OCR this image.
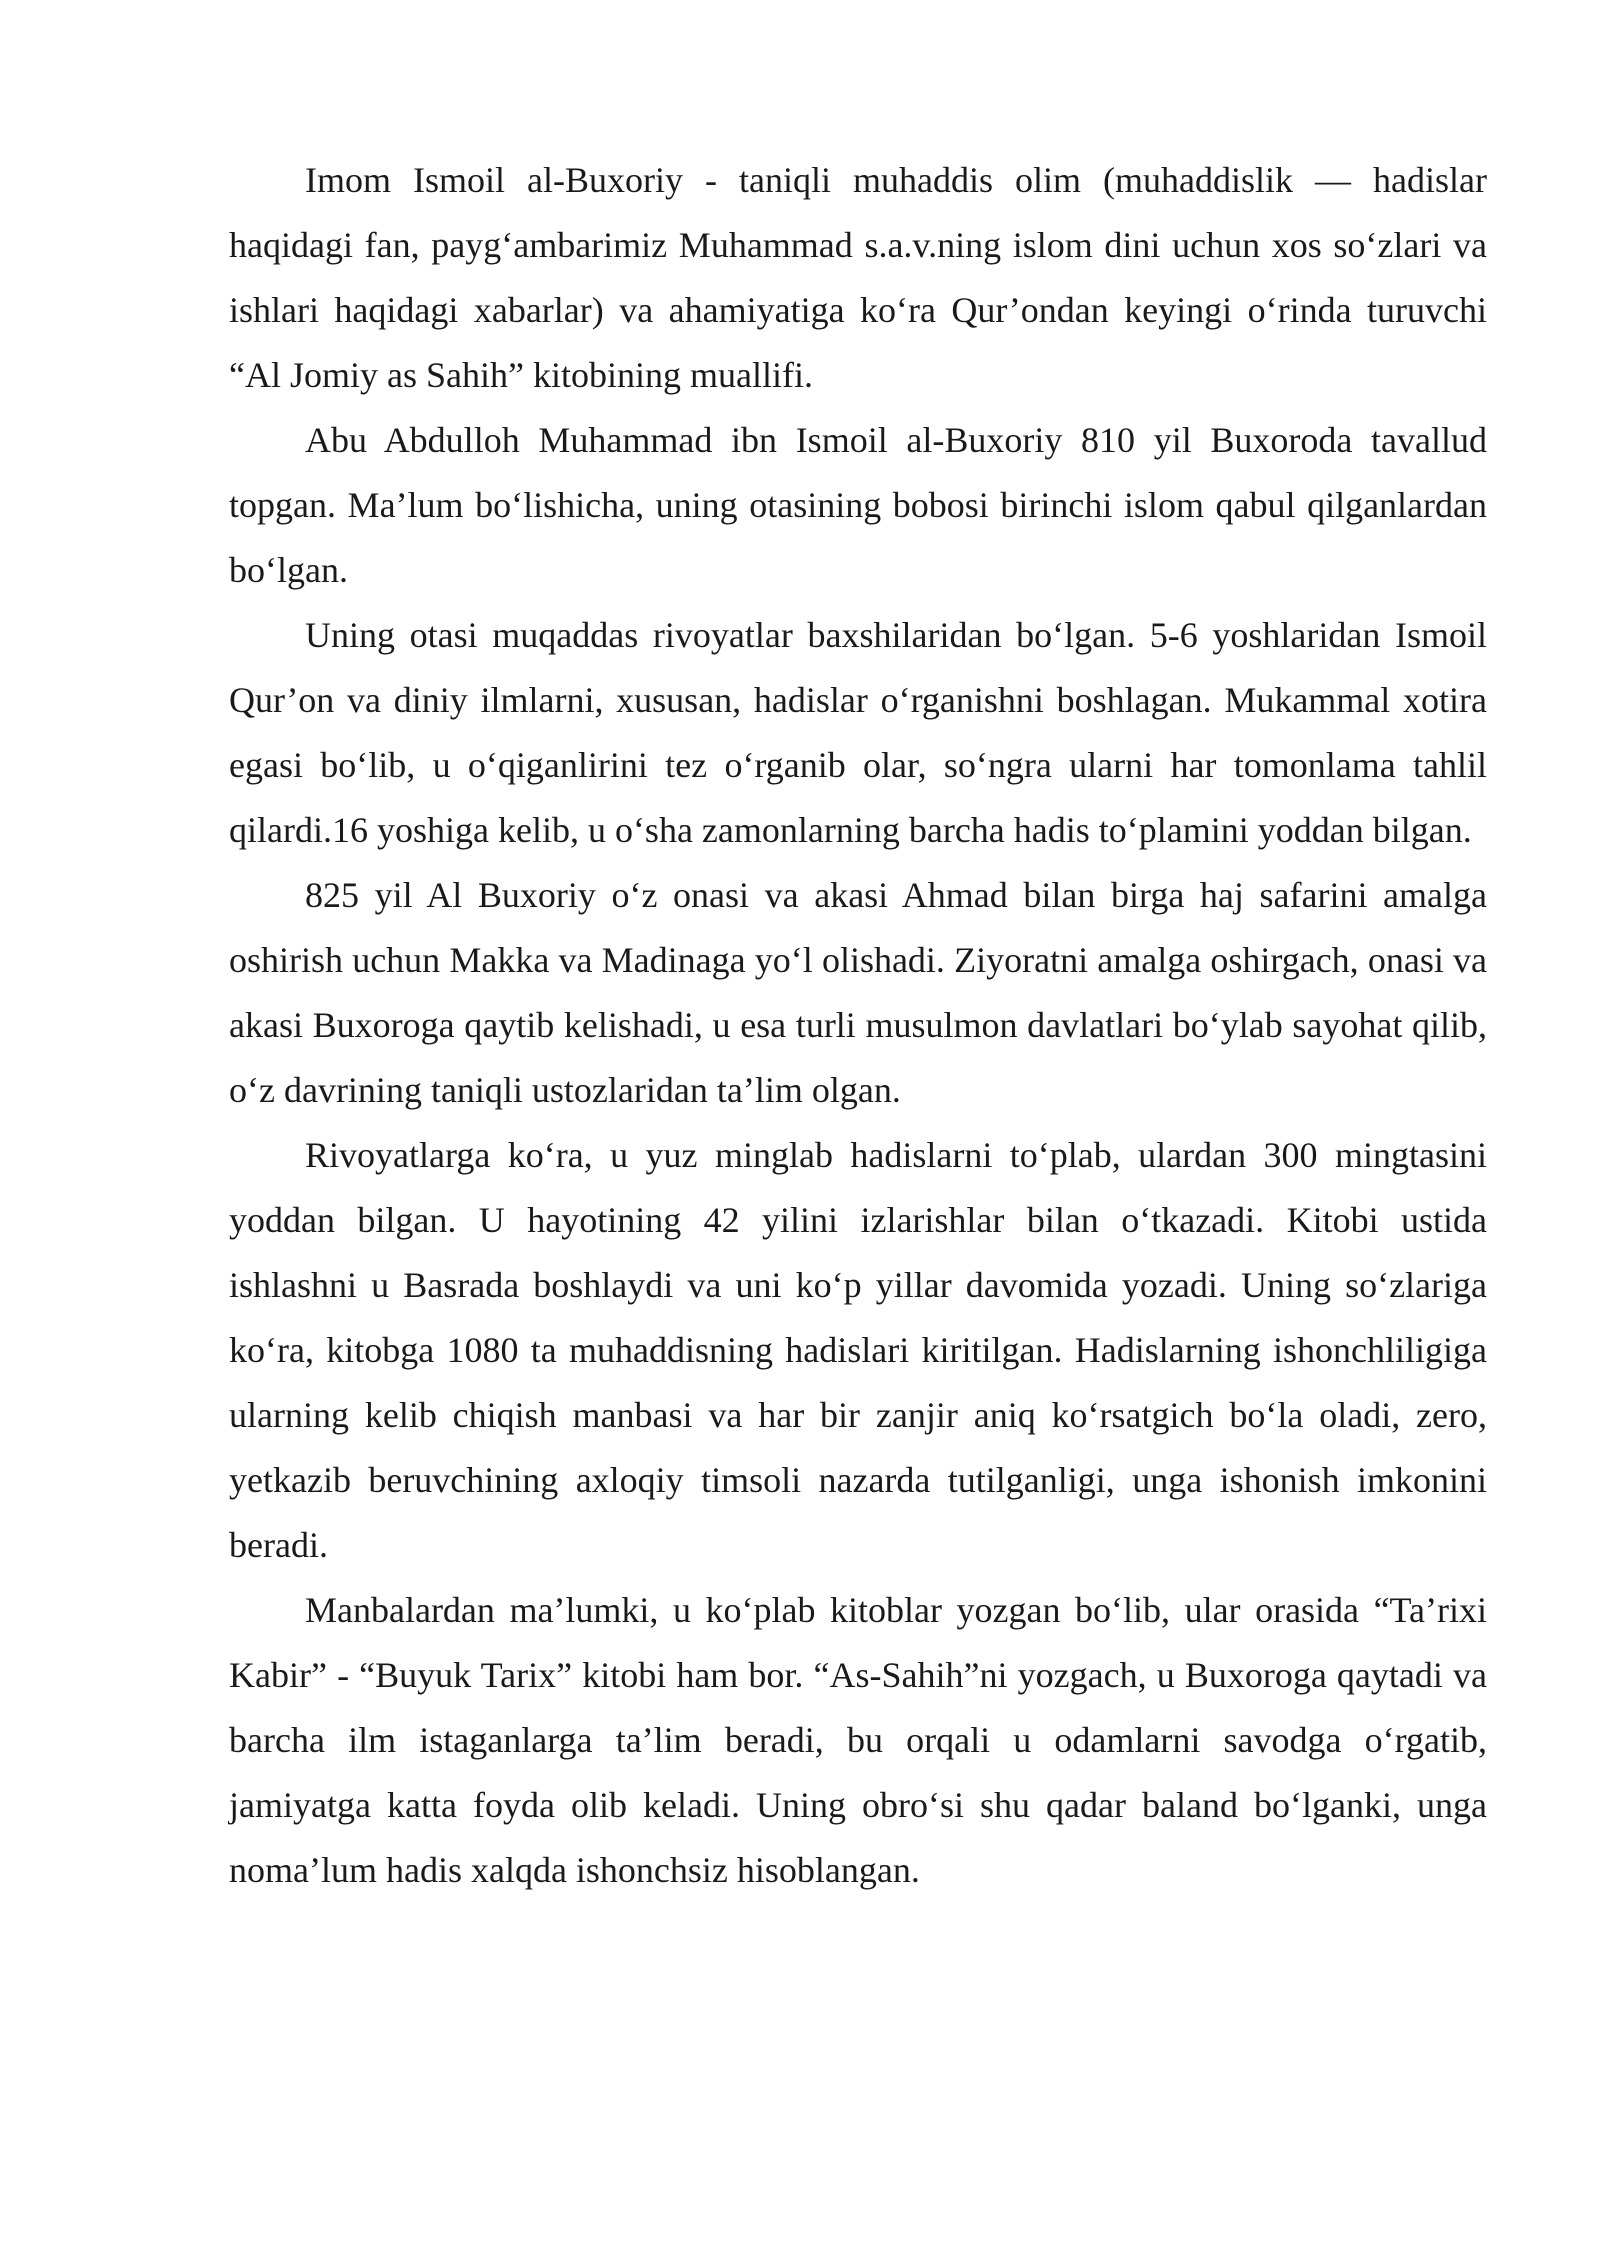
Imom Ismoil al-Buxoriy - taniqli muhaddis olim (muhaddislik — hadislar haqidagi fan, payg‘ambarimiz Muhammad s.a.v.ning islom dini uchun xos so‘zlari va ishlari haqidagi xabarlar) va ahamiyatiga ko‘ra Qur’ondan keyingi o‘rinda turuvchi “Al Jomiy as Sahih” kitobining muallifi.

Abu Abdulloh Muhammad ibn Ismoil al-Buxoriy 810 yil Buxoroda tavallud topgan. Ma’lum bo‘lishicha, uning otasining bobosi birinchi islom qabul qilganlardan bo‘lgan.

Uning otasi muqaddas rivoyatlar baxshilaridan bo‘lgan. 5-6 yoshlaridan Ismoil Qur’on va diniy ilmlarni, xususan, hadislar o‘rganishni boshlagan. Mukammal xotira egasi bo‘lib, u o‘qiganlirini tez o‘rganib olar, so‘ngra ularni har tomonlama tahlil qilardi.16 yoshiga kelib, u o‘sha zamonlarning barcha hadis to‘plamini yoddan bilgan.

825 yil Al Buxoriy o‘z onasi va akasi Ahmad bilan birga haj safarini amalga oshirish uchun Makka va Madinaga yo‘l olishadi. Ziyoratni amalga oshirgach, onasi va akasi Buxoroga qaytib kelishadi, u esa turli musulmon davlatlari bo‘ylab sayohat qilib, o‘z davrining taniqli ustozlaridan ta’lim olgan.

Rivoyatlarga ko‘ra, u yuz minglab hadislarni to‘plab, ulardan 300 mingtasini yoddan bilgan. U hayotining 42 yilini izlarishlar bilan o‘tkazadi. Kitobi ustida ishlashni u Basrada boshlaydi va uni ko‘p yillar davomida yozadi. Uning so‘zlariga ko‘ra, kitobga 1080 ta muhaddisning hadislari kiritilgan. Hadislarning ishonchliligiga ularning kelib chiqish manbasi va har bir zanjir aniq ko‘rsatgich bo‘la oladi, zero, yetkazib beruvchining axloqiy timsoli nazarda tutilganligi, unga ishonish imkonini beradi.

Manbalardan ma’lumki, u ko‘plab kitoblar yozgan bo‘lib, ular orasida “Ta’rixi Kabir” - “Buyuk Tarix” kitobi ham bor. “As-Sahih”ni yozgach, u Buxoroga qaytadi va barcha ilm istaganlarga ta’lim beradi, bu orqali u odamlarni savodga o‘rgatib, jamiyatga katta foyda olib keladi. Uning obro‘si shu qadar baland bo‘lganki, unga noma’lum hadis xalqda ishonchsiz hisoblangan.
